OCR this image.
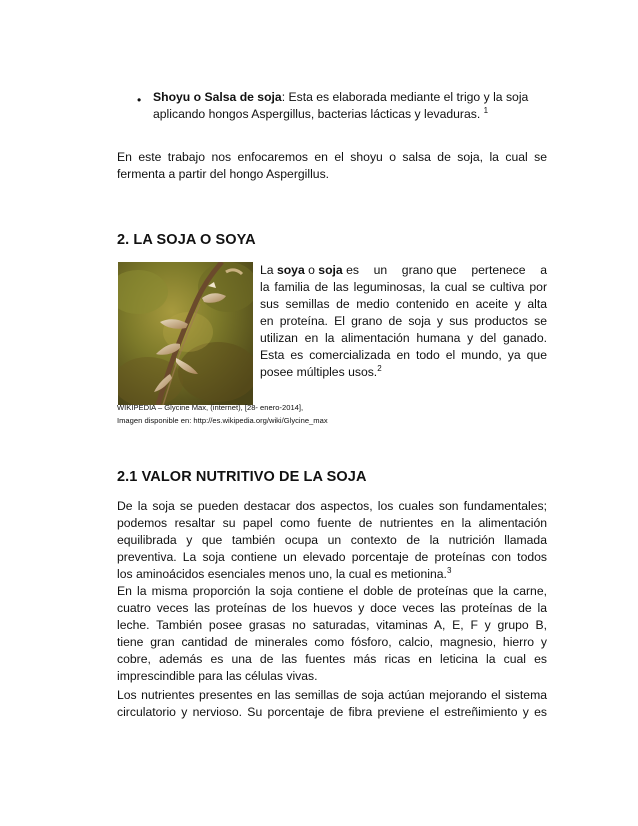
• Shoyu o Salsa de soja: Esta es elaborada mediante el trigo y la soja
aplicando hongos Aspergillus, bacterias lácticas y levaduras. $^1$
En este trabajo nos enfocaremos en el shoyu o salsa de soja, la cual se
fermenta a partir del hongo Aspergillus.
2. LA SOJA O SOYA
La soya o soja es un grano que pertenece a
la familia de las leguminosas, la cual se cultiva por
sus semillas de medio contenido en aceite y alta
en proteína. El grano de soja y sus productos se
utilizan en la alimentación humana y del ganado.
Esta es comercializada en todo el mundo, ya que
posee múltiples usos.$^2$
WIKIPEDIA – Glycine Max, (internet), [28- enero-2014],
Imagen disponible en: http://es.wikipedia.org/wiki/Glycine_max
2.1 VALOR NUTRITIVO DE LA SOJA
De la soja se pueden destacar dos aspectos, los cuales son fundamentales;
podemos resaltar su papel como fuente de nutrientes en la alimentación
equilibrada y que también ocupa un contexto de la nutrición llamada
preventiva. La soja contiene un elevado porcentaje de proteínas con todos
los aminoácidos esenciales menos uno, la cual es metionina.$^3$
En la misma proporción la soja contiene el doble de proteínas que la carne,
cuatro veces las proteínas de los huevos y doce veces las proteínas de la
leche. También posee grasas no saturadas, vitaminas A, E, F y grupo B,
tiene gran cantidad de minerales como fósforo, calcio, magnesio, hierro y
cobre, además es una de las fuentes más ricas en leticina la cual es
imprescindible para las células vivas.
Los nutrientes presentes en las semillas de soja actúan mejorando el sistema
circulatorio y nervioso. Su porcentaje de fibra previene el estreñimiento y es
